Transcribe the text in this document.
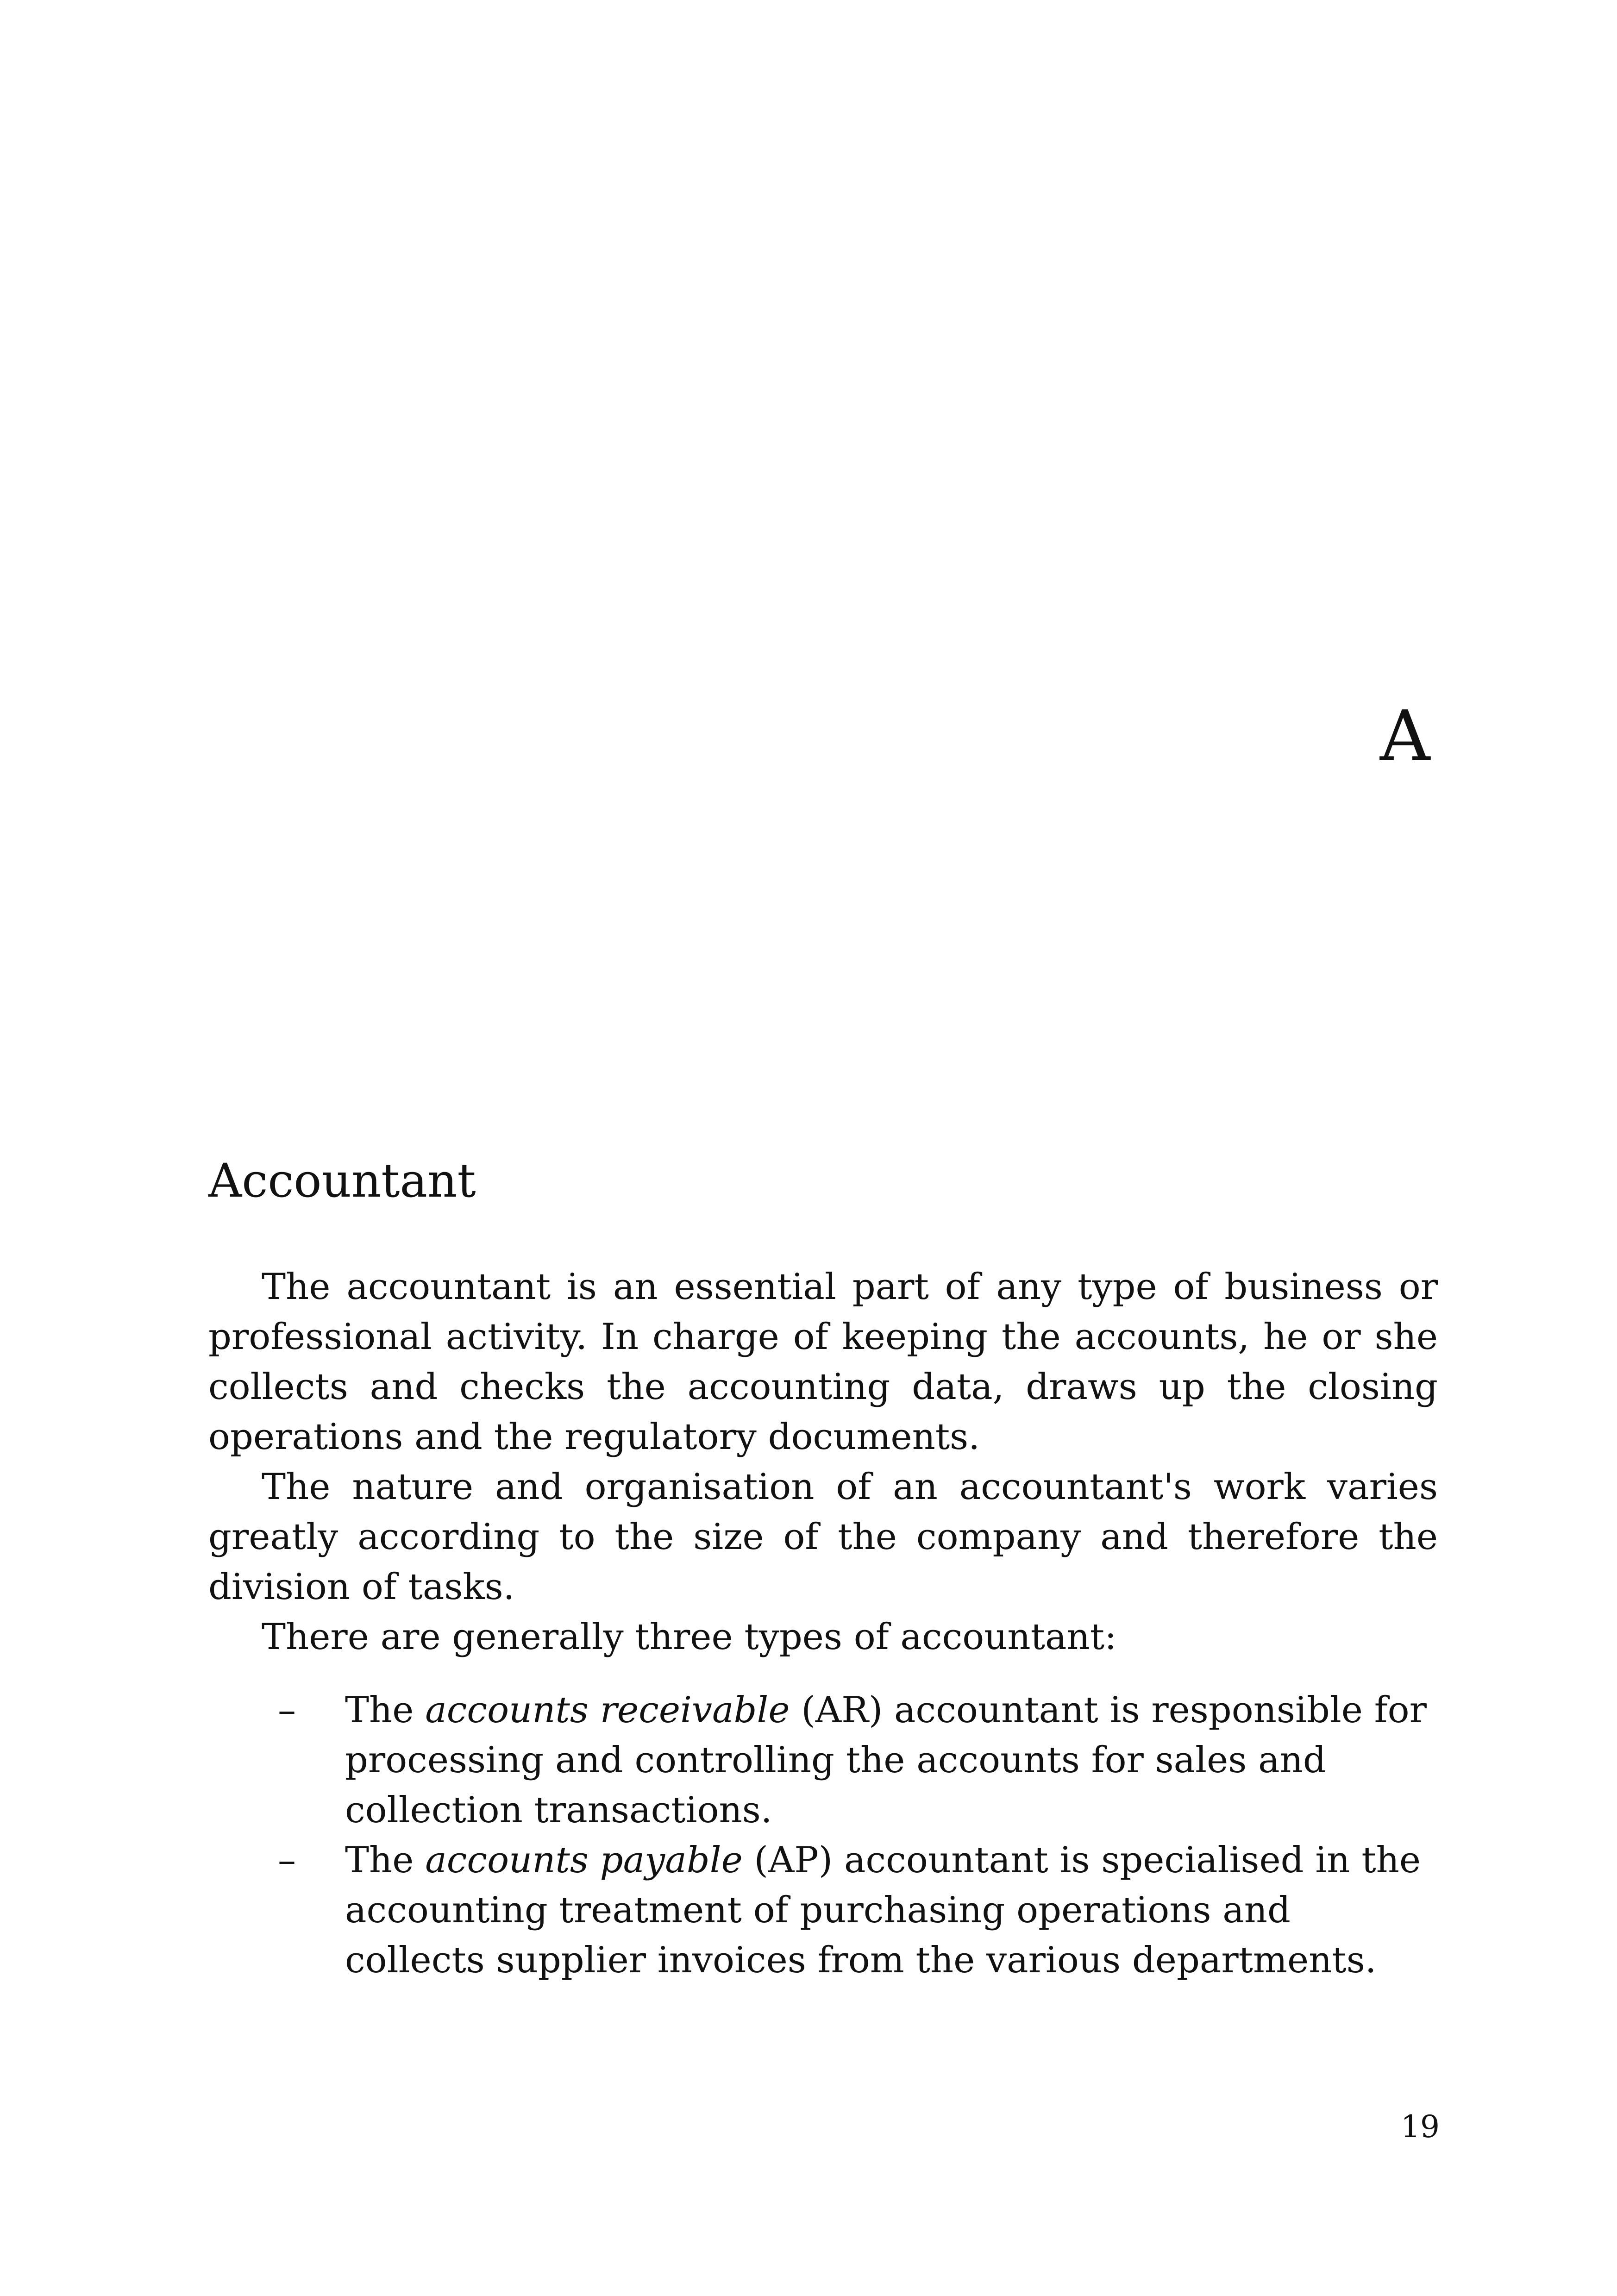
A
Accountant

The accountant is an essential part of any type of business or professional activity. In charge of keeping the accounts, he or she collects and checks the accounting data, draws up the closing operations and the regulatory documents.

The nature and organisation of an accountant's work varies greatly according to the size of the company and therefore the division of tasks.

There are generally three types of accountant:

– The accounts receivable (AR) accountant is responsible for processing and controlling the accounts for sales and collection transactions.
– The accounts payable (AP) accountant is specialised in the accounting treatment of purchasing operations and collects supplier invoices from the various departments.
19
